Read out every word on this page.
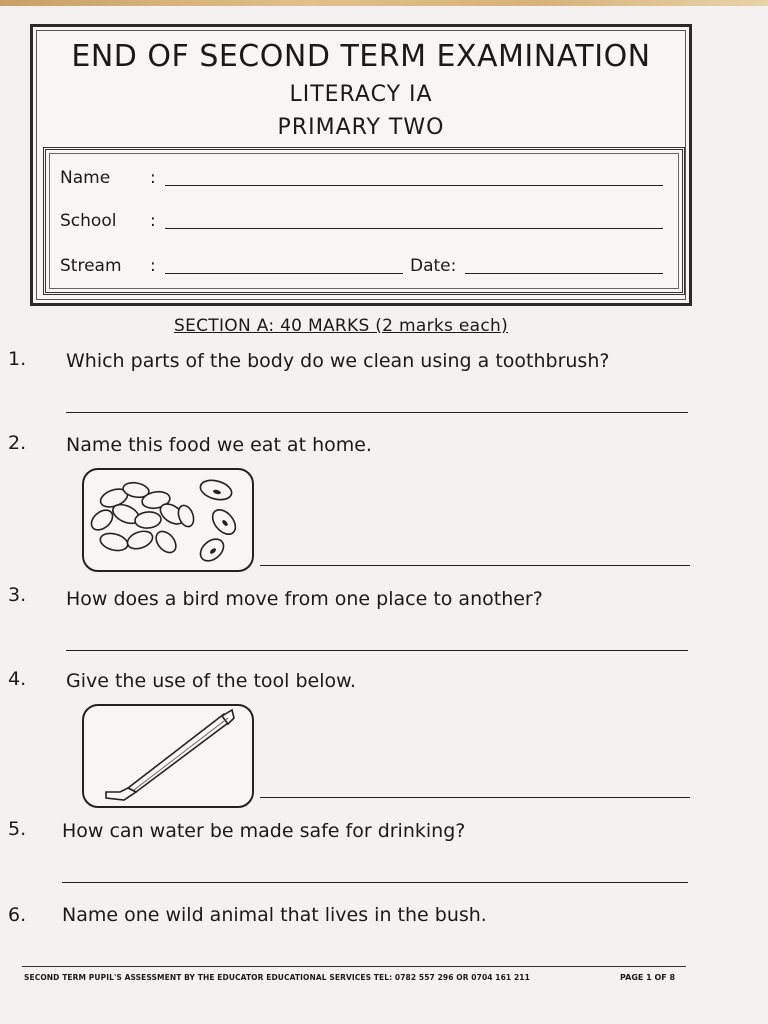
END OF SECOND TERM EXAMINATION
LITERACY IA
PRIMARY TWO
Name :
School :
Stream :	Date:
SECTION A: 40 MARKS (2 marks each)
1. Which parts of the body do we clean using a toothbrush?
2. Name this food we eat at home.
3. How does a bird move from one place to another?
4. Give the use of the tool below.
5. How can water be made safe for drinking?
6. Name one wild animal that lives in the bush.
SECOND TERM PUPIL'S ASSESSMENT BY THE EDUCATOR EDUCATIONAL SERVICES TEL: 0782 557 296 OR 0704 161 211	PAGE 1 OF 8
